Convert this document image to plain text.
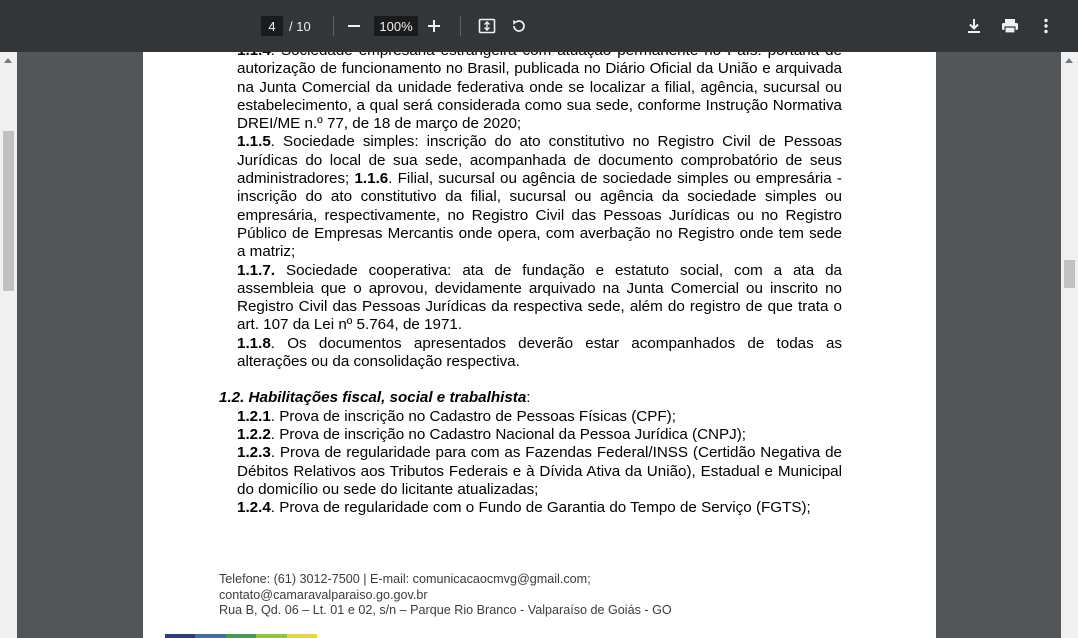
4
/ 10
100%

autorização de funcionamento no Brasil, publicada no Diário Oficial da União e arquivada na Junta Comercial da unidade federativa onde se localizar a filial, agência, sucursal ou estabelecimento, a qual será considerada como sua sede, conforme Instrução Normativa DREI/ME n.º 77, de 18 de março de 2020;

1.1.5. Sociedade simples: inscrição do ato constitutivo no Registro Civil de Pessoas Jurídicas do local de sua sede, acompanhada de documento comprobatório de seus administradores; 1.1.6. Filial, sucursal ou agência de sociedade simples ou empresária - inscrição do ato constitutivo da filial, sucursal ou agência da sociedade simples ou empresária, respectivamente, no Registro Civil das Pessoas Jurídicas ou no Registro Público de Empresas Mercantis onde opera, com averbação no Registro onde tem sede a matriz;

1.1.7. Sociedade cooperativa: ata de fundação e estatuto social, com a ata da assembleia que o aprovou, devidamente arquivado na Junta Comercial ou inscrito no Registro Civil das Pessoas Jurídicas da respectiva sede, além do registro de que trata o art. 107 da Lei nº 5.764, de 1971.

1.1.8. Os documentos apresentados deverão estar acompanhados de todas as alterações ou da consolidação respectiva.

1.2. Habilitações fiscal, social e trabalhista:

1.2.1. Prova de inscrição no Cadastro de Pessoas Físicas (CPF);

1.2.2. Prova de inscrição no Cadastro Nacional da Pessoa Jurídica (CNPJ);

1.2.3. Prova de regularidade para com as Fazendas Federal/INSS (Certidão Negativa de Débitos Relativos aos Tributos Federais e à Dívida Ativa da União), Estadual e Municipal do domicílio ou sede do licitante atualizadas;

1.2.4. Prova de regularidade com o Fundo de Garantia do Tempo de Serviço (FGTS);

Telefone: (61) 3012-7500 | E-mail: comunicacaocmvg@gmail.com;

contato@camaravalparaiso.go.gov.br

Rua B, Qd. 06 – Lt. 01 e 02, s/n – Parque Rio Branco - Valparaíso de Goiás - GO
